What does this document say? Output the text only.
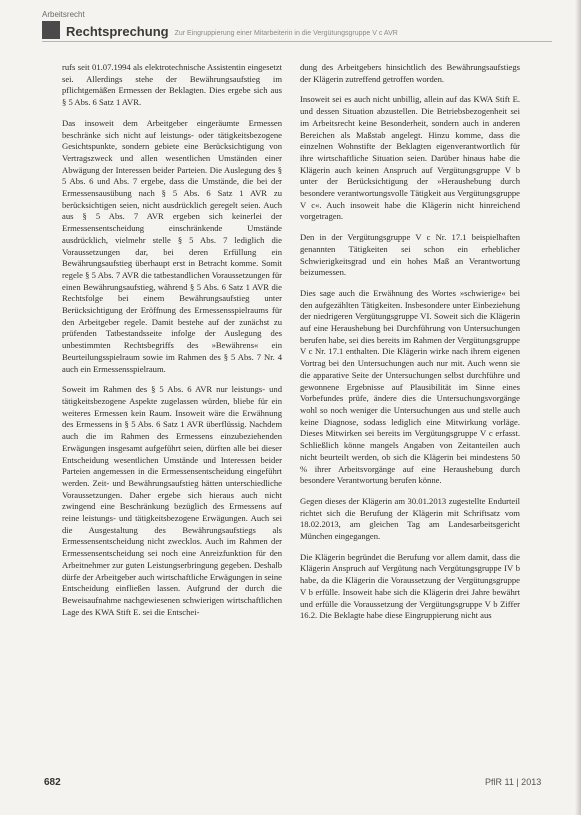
Arbeitsrecht
Rechtsprechung Zur Eingruppierung einer Mitarbeiterin in die Vergütungsgruppe V c AVR

rufs seit 01.07.1994 als elektrotechnische Assistentin eingesetzt sei. Allerdings stehe der Bewährungsaufstieg im pflichtgemäßen Ermessen der Beklagten. Dies ergebe sich aus § 5 Abs. 6 Satz 1 AVR.

Das insoweit dem Arbeitgeber eingeräumte Ermessen beschränke sich nicht auf leistungs- oder tätigkeitsbezogene Gesichtspunkte, sondern gebiete eine Berücksichtigung von Vertragszweck und allen wesentlichen Umständen einer Abwägung der Interessen beider Parteien. Die Auslegung des § 5 Abs. 6 und Abs. 7 ergebe, dass die Umstände, die bei der Ermessensausübung nach § 5 Abs. 6 Satz 1 AVR zu berücksichtigen seien, nicht ausdrücklich geregelt seien. Auch aus § 5 Abs. 7 AVR ergeben sich keinerlei der Ermessensentscheidung einschränkende Umstände ausdrücklich, vielmehr stelle § 5 Abs. 7 lediglich die Voraussetzungen dar, bei deren Erfüllung ein Bewährungsaufstieg überhaupt erst in Betracht komme. Somit regele § 5 Abs. 7 AVR die tatbestandlichen Voraussetzungen für einen Bewährungsaufstieg, während § 5 Abs. 6 Satz 1 AVR die Rechtsfolge bei einem Bewährungsaufstieg unter Berücksichtigung der Eröffnung des Ermessensspielraums für den Arbeitgeber regele. Damit bestehe auf der zunächst zu prüfenden Tatbestandsseite infolge der Auslegung des unbestimmten Rechtsbegriffs des »Bewährens« ein Beurteilungsspielraum sowie im Rahmen des § 5 Abs. 7 Nr. 4 auch ein Ermessensspielraum.

Soweit im Rahmen des § 5 Abs. 6 AVR nur leistungs- und tätigkeitsbezogene Aspekte zugelassen würden, bliebe für ein weiteres Ermessen kein Raum. Insoweit wäre die Erwähnung des Ermessens in § 5 Abs. 6 Satz 1 AVR überflüssig. Nachdem auch die im Rahmen des Ermessens einzubeziehenden Erwägungen insgesamt aufgeführt seien, dürften alle bei dieser Entscheidung wesentlichen Umstände und Interessen beider Parteien angemessen in die Ermessensentscheidung eingeführt werden. Zeit- und Bewährungsaufstieg hätten unterschiedliche Voraussetzungen. Daher ergebe sich hieraus auch nicht zwingend eine Beschränkung bezüglich des Ermessens auf reine leistungs- und tätigkeitsbezogene Erwägungen. Auch sei die Ausgestaltung des Bewährungsaufstiegs als Ermessensentscheidung nicht zwecklos. Auch im Rahmen der Ermessensentscheidung sei noch eine Anreizfunktion für den Arbeitnehmer zur guten Leistungserbringung gegeben. Deshalb dürfe der Arbeitgeber auch wirtschaftliche Erwägungen in seine Entscheidung einfließen lassen. Aufgrund der durch die Beweisaufnahme nachgewiesenen schwierigen wirtschaftlichen Lage des KWA Stift E. sei die Entschei-

dung des Arbeitgebers hinsichtlich des Bewährungsaufstiegs der Klägerin zutreffend getroffen worden.

Insoweit sei es auch nicht unbillig, allein auf das KWA Stift E. und dessen Situation abzustellen. Die Betriebsbezogenheit sei im Arbeitsrecht keine Besonderheit, sondern auch in anderen Bereichen als Maßstab angelegt. Hinzu komme, dass die einzelnen Wohnstifte der Beklagten eigenverantwortlich für ihre wirtschaftliche Situation seien. Darüber hinaus habe die Klägerin auch keinen Anspruch auf Vergütungsgruppe V b unter der Berücksichtigung der »Heraushebung durch besondere verantwortungsvolle Tätigkeit aus Vergütungsgruppe V c«. Auch insoweit habe die Klägerin nicht hinreichend vorgetragen.

Den in der Vergütungsgruppe V c Nr. 17.1 beispielhaften genannten Tätigkeiten sei schon ein erheblicher Schwierigkeitsgrad und ein hohes Maß an Verantwortung beizumessen.

Dies sage auch die Erwähnung des Wortes »schwierige« bei den aufgezählten Tätigkeiten. Insbesondere unter Einbeziehung der niedrigeren Vergütungsgruppe VI. Soweit sich die Klägerin auf eine Heraushebung bei Durchführung von Untersuchungen berufen habe, sei dies bereits im Rahmen der Vergütungsgruppe V c Nr. 17.1 enthalten. Die Klägerin wirke nach ihrem eigenen Vortrag bei den Untersuchungen auch nur mit. Auch wenn sie die apparative Seite der Untersuchungen selbst durchführe und gewonnene Ergebnisse auf Plausibilität im Sinne eines Vorbefundes prüfe, ändere dies die Untersuchungsvorgänge wohl so noch weniger die Untersuchungen aus und stelle auch keine Diagnose, sodass lediglich eine Mitwirkung vorläge. Dieses Mitwirken sei bereits im Vergütungsgruppe V c erfasst. Schließlich könne mangels Angaben von Zeitanteilen auch nicht beurteilt werden, ob sich die Klägerin bei mindestens 50 % ihrer Arbeitsvorgänge auf eine Heraushebung durch besondere Verantwortung berufen könne.

Gegen dieses der Klägerin am 30.01.2013 zugestellte Endurteil richtet sich die Berufung der Klägerin mit Schriftsatz vom 18.02.2013, am gleichen Tag am Landesarbeitsgericht München eingegangen.

Die Klägerin begründet die Berufung vor allem damit, dass die Klägerin Anspruch auf Vergütung nach Vergütungsgruppe IV b habe, da die Klägerin die Voraussetzung der Vergütungsgruppe V b erfülle. Insoweit habe sich die Klägerin drei Jahre bewährt und erfülle die Voraussetzung der Vergütungsgruppe V b Ziffer 16.2. Die Beklagte habe diese Eingruppierung nicht aus

682	PflR 11 | 2013
